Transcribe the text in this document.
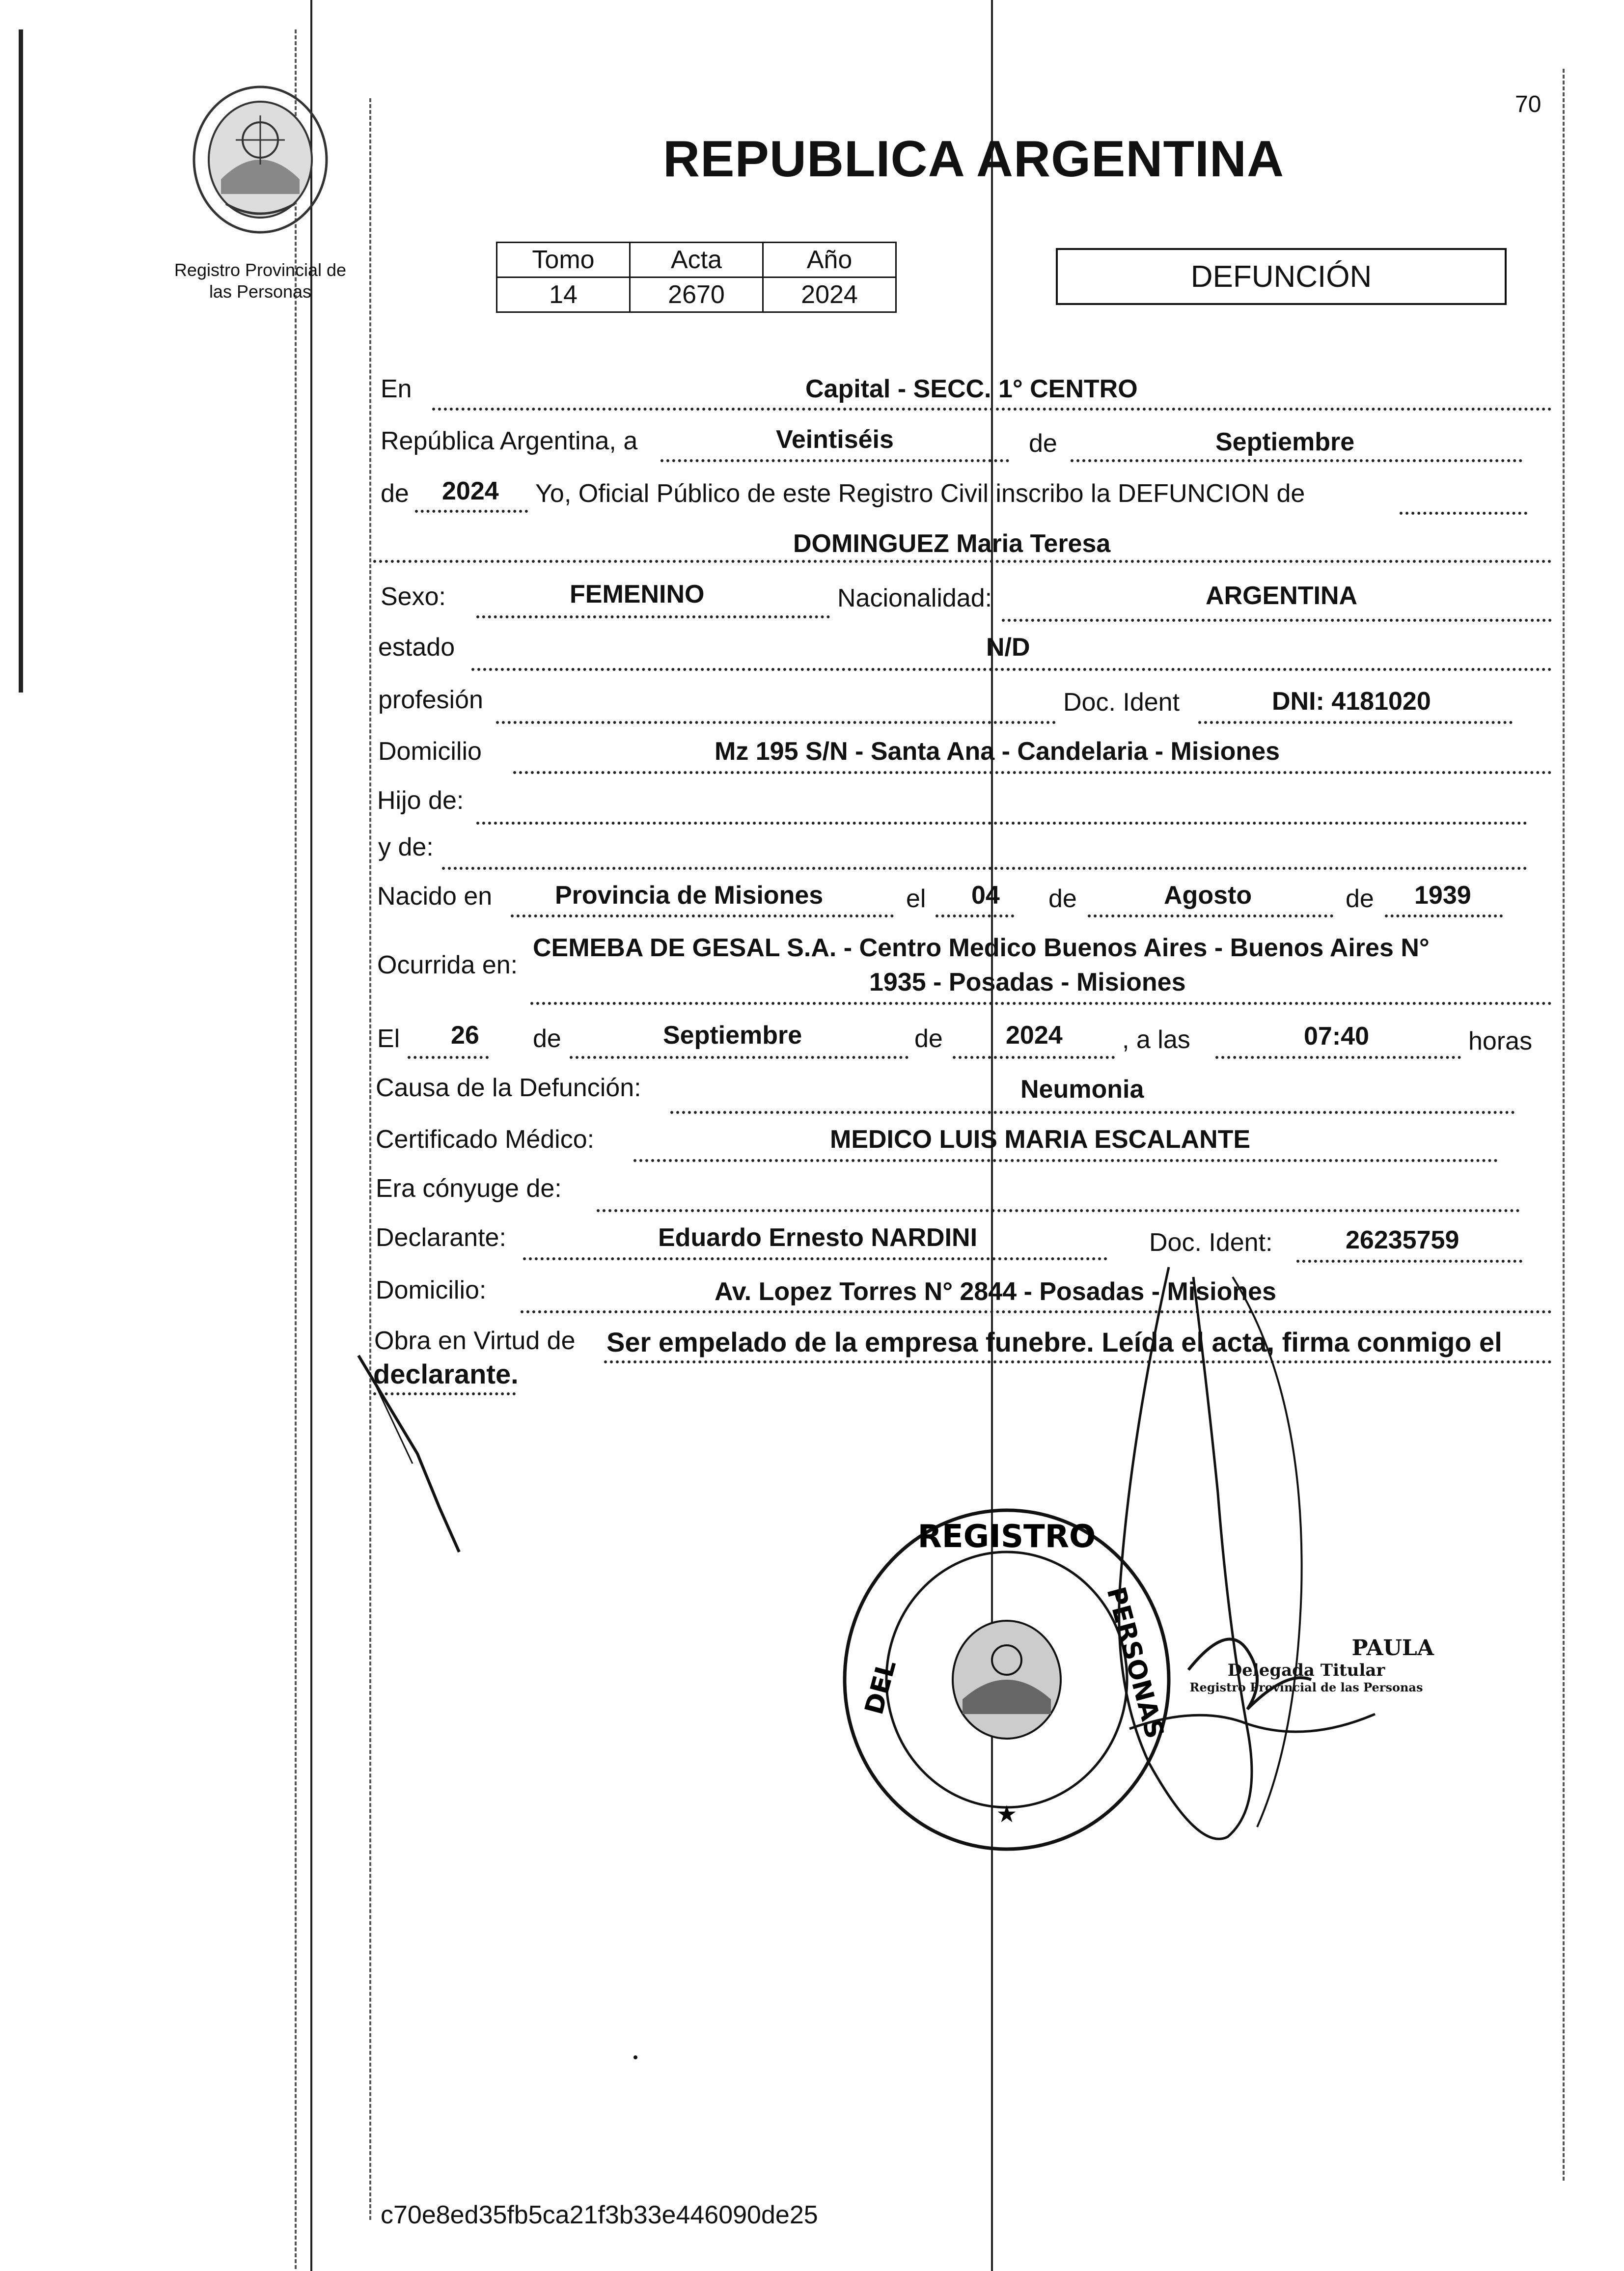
70
REPUBLICA ARGENTINA
Registro Provincial de
las Personas
Tomo	Acta	Año
14	2670	2024
DEFUNCIÓN
En	Capital - SECC. 1° CENTRO
República Argentina, a	Veintiséis	de	Septiembre
de 2024 Yo, Oficial Público de este Registro Civil inscribo la DEFUNCION de
DOMINGUEZ Maria Teresa
Sexo:	FEMENINO	Nacionalidad:	ARGENTINA
estado	N/D
profesión	Doc. Ident	DNI: 4181020
Domicilio	Mz 195 S/N - Santa Ana - Candelaria - Misiones
Hijo de:
y de:
Nacido en Provincia de Misiones	el 04 de	Agosto	de 1939
Ocurrida en:
CEMEBA DE GESAL S.A. - Centro Medico Buenos Aires - Buenos Aires N°
1935 - Posadas - Misiones
El 26 de	Septiembre	de 2024 , a las	07:40	horas
Causa de la Defunción:	Neumonia
Certificado Médico:	MEDICO LUIS MARIA ESCALANTE
Era cónyuge de:
Declarante:	Eduardo Ernesto NARDINI	Doc. Ident:	26235759
Domicilio:	Av. Lopez Torres N° 2844 - Posadas - Misiones
Obra en Virtud de Ser empelado de la empresa funebre. Leída el acta, firma conmigo el
declarante.
REGISTRO
DEL	PERSONAS
★
PAULA
Delegada Titular
Registro Provincial de las Personas
c70e8ed35fb5ca21f3b33e446090de25
